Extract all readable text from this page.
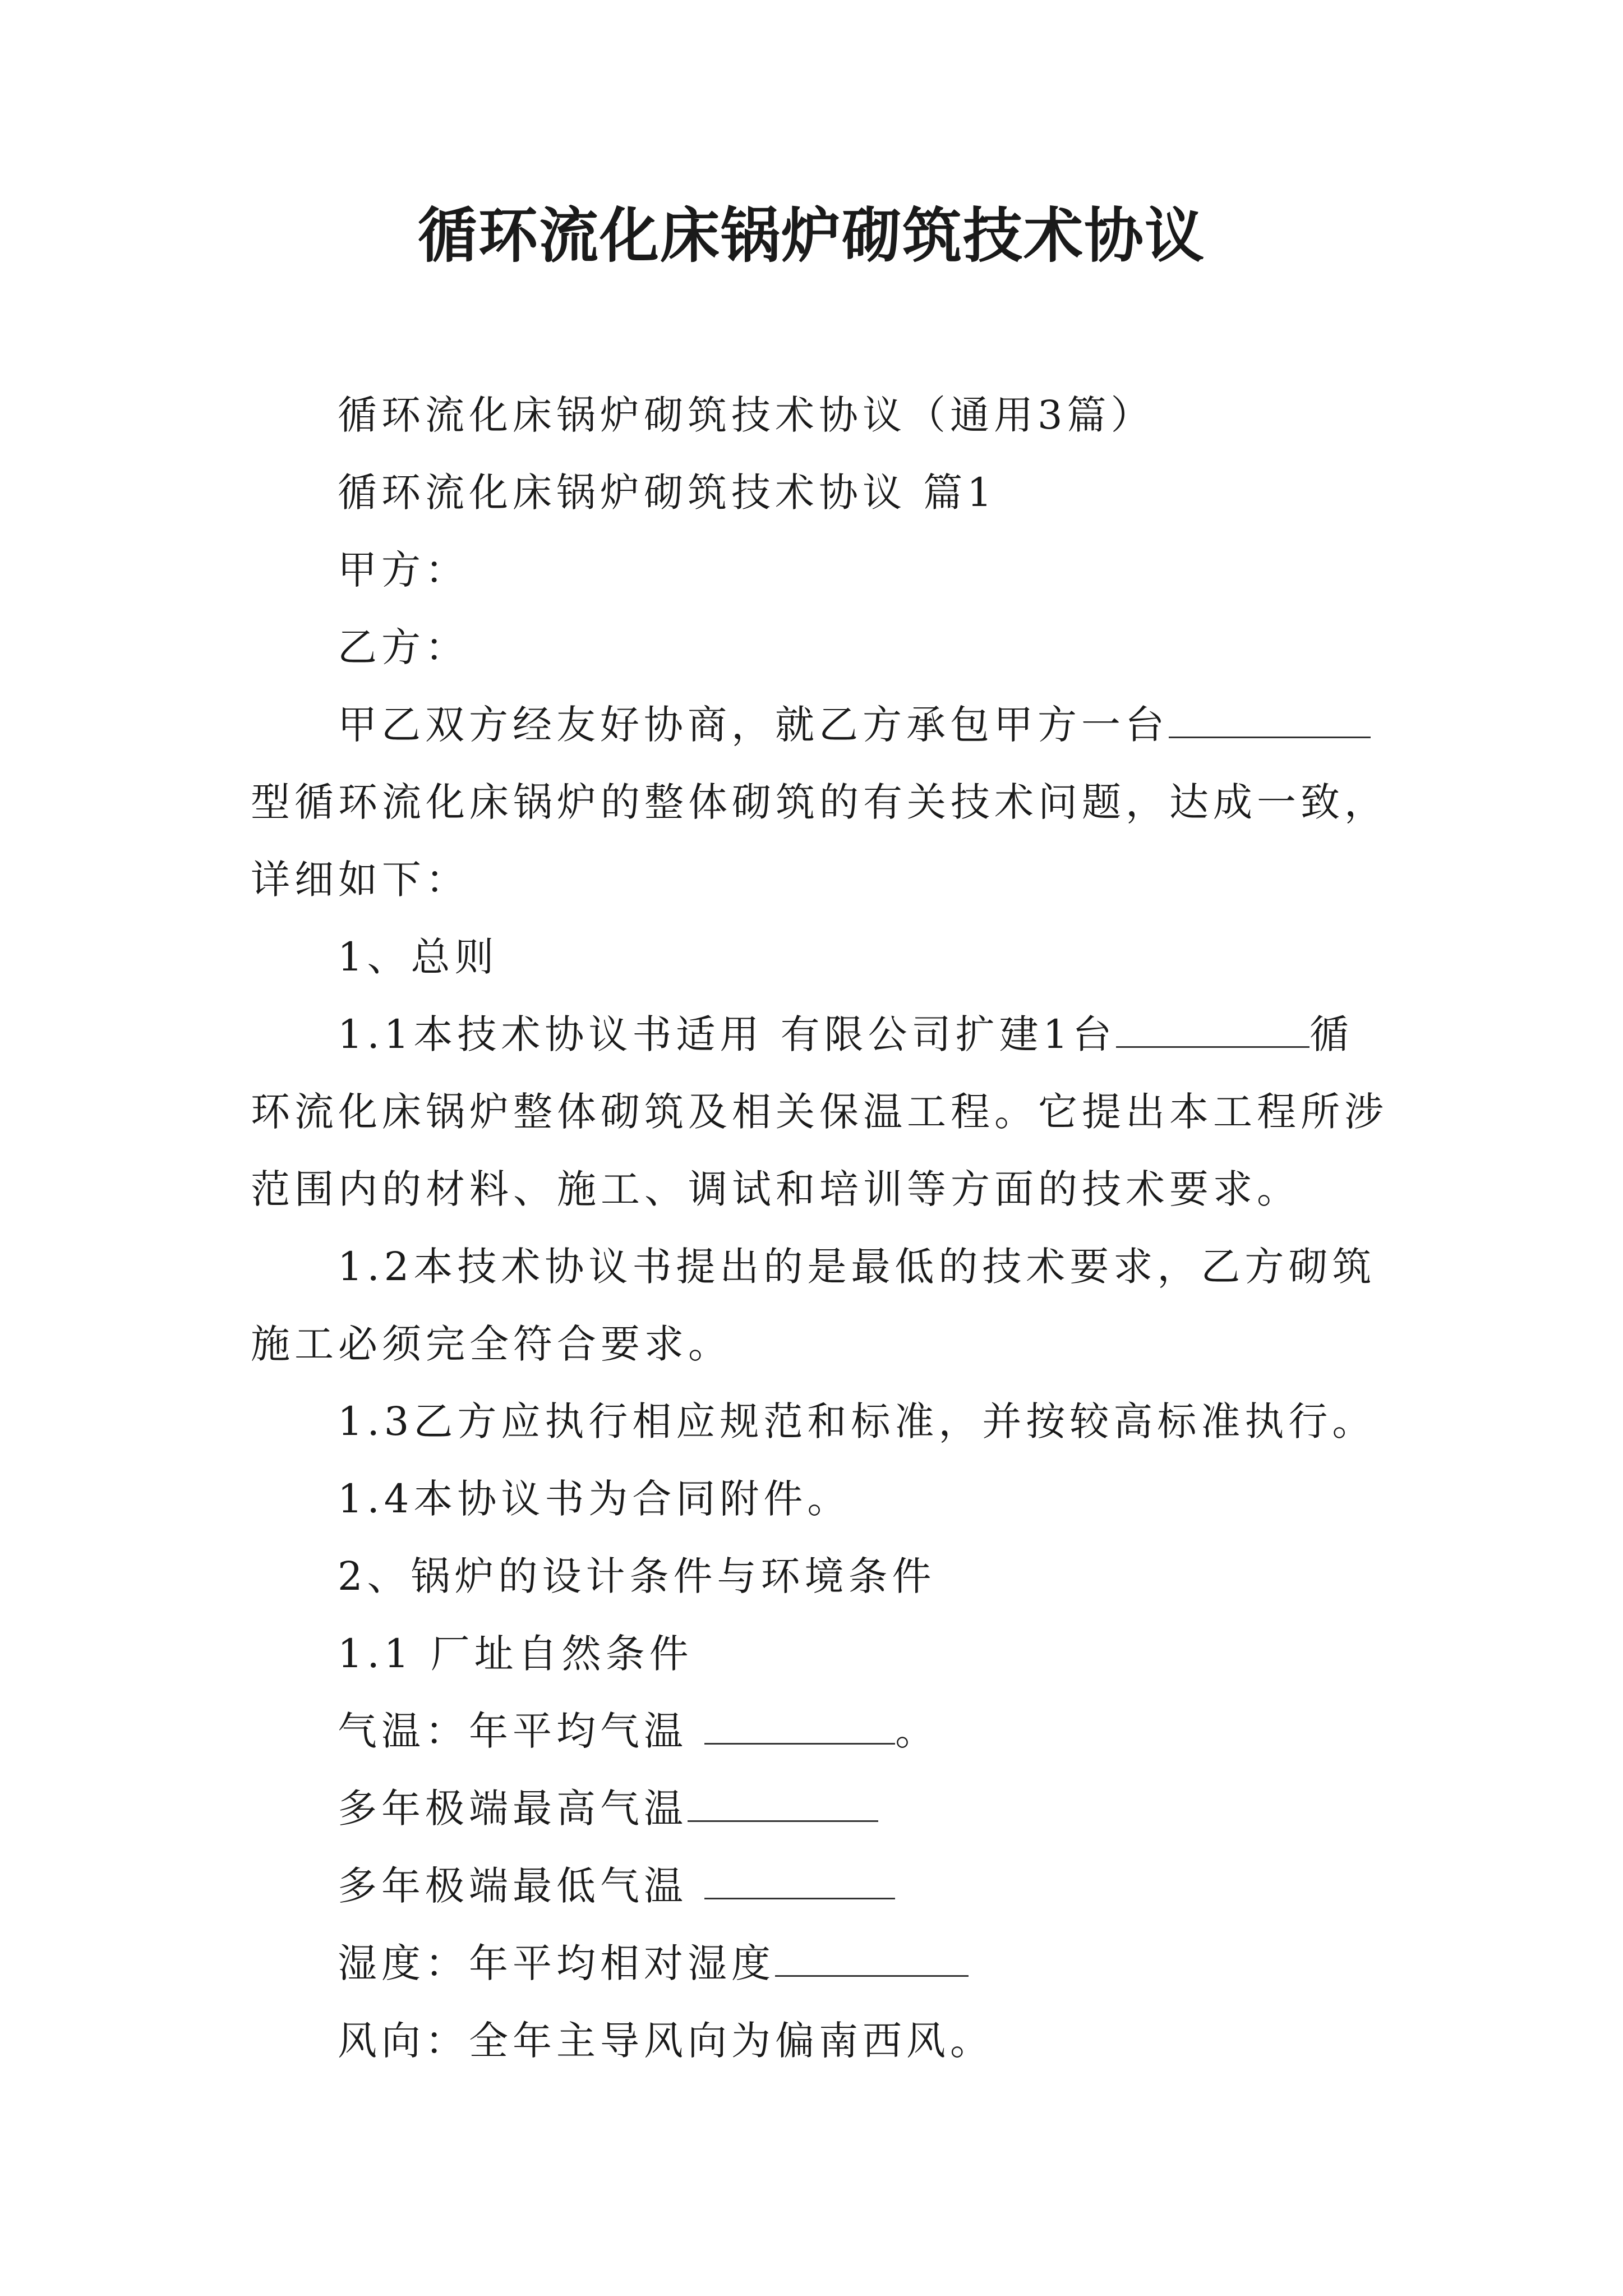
循环流化床锅炉砌筑技术协议
循环流化床锅炉砌筑技术协议（通用3篇）
循环流化床锅炉砌筑技术协议 篇1
甲方：
乙方：
甲乙双方经友好协商，就乙方承包甲方一台
型循环流化床锅炉的整体砌筑的有关技术问题，达成一致，
详细如下：
1、总则
1.1本技术协议书适用 有限公司扩建1台	循
环流化床锅炉整体砌筑及相关保温工程。它提出本工程所涉
范围内的材料、施工、调试和培训等方面的技术要求。
1.2本技术协议书提出的是最低的技术要求，乙方砌筑
施工必须完全符合要求。
1.3乙方应执行相应规范和标准，并按较高标准执行。
1.4本协议书为合同附件。
2、锅炉的设计条件与环境条件
1.1 厂址自然条件
气温：年平均气温	。
多年极端最高气温
多年极端最低气温
湿度：年平均相对湿度
风向：全年主导风向为偏南西风。
